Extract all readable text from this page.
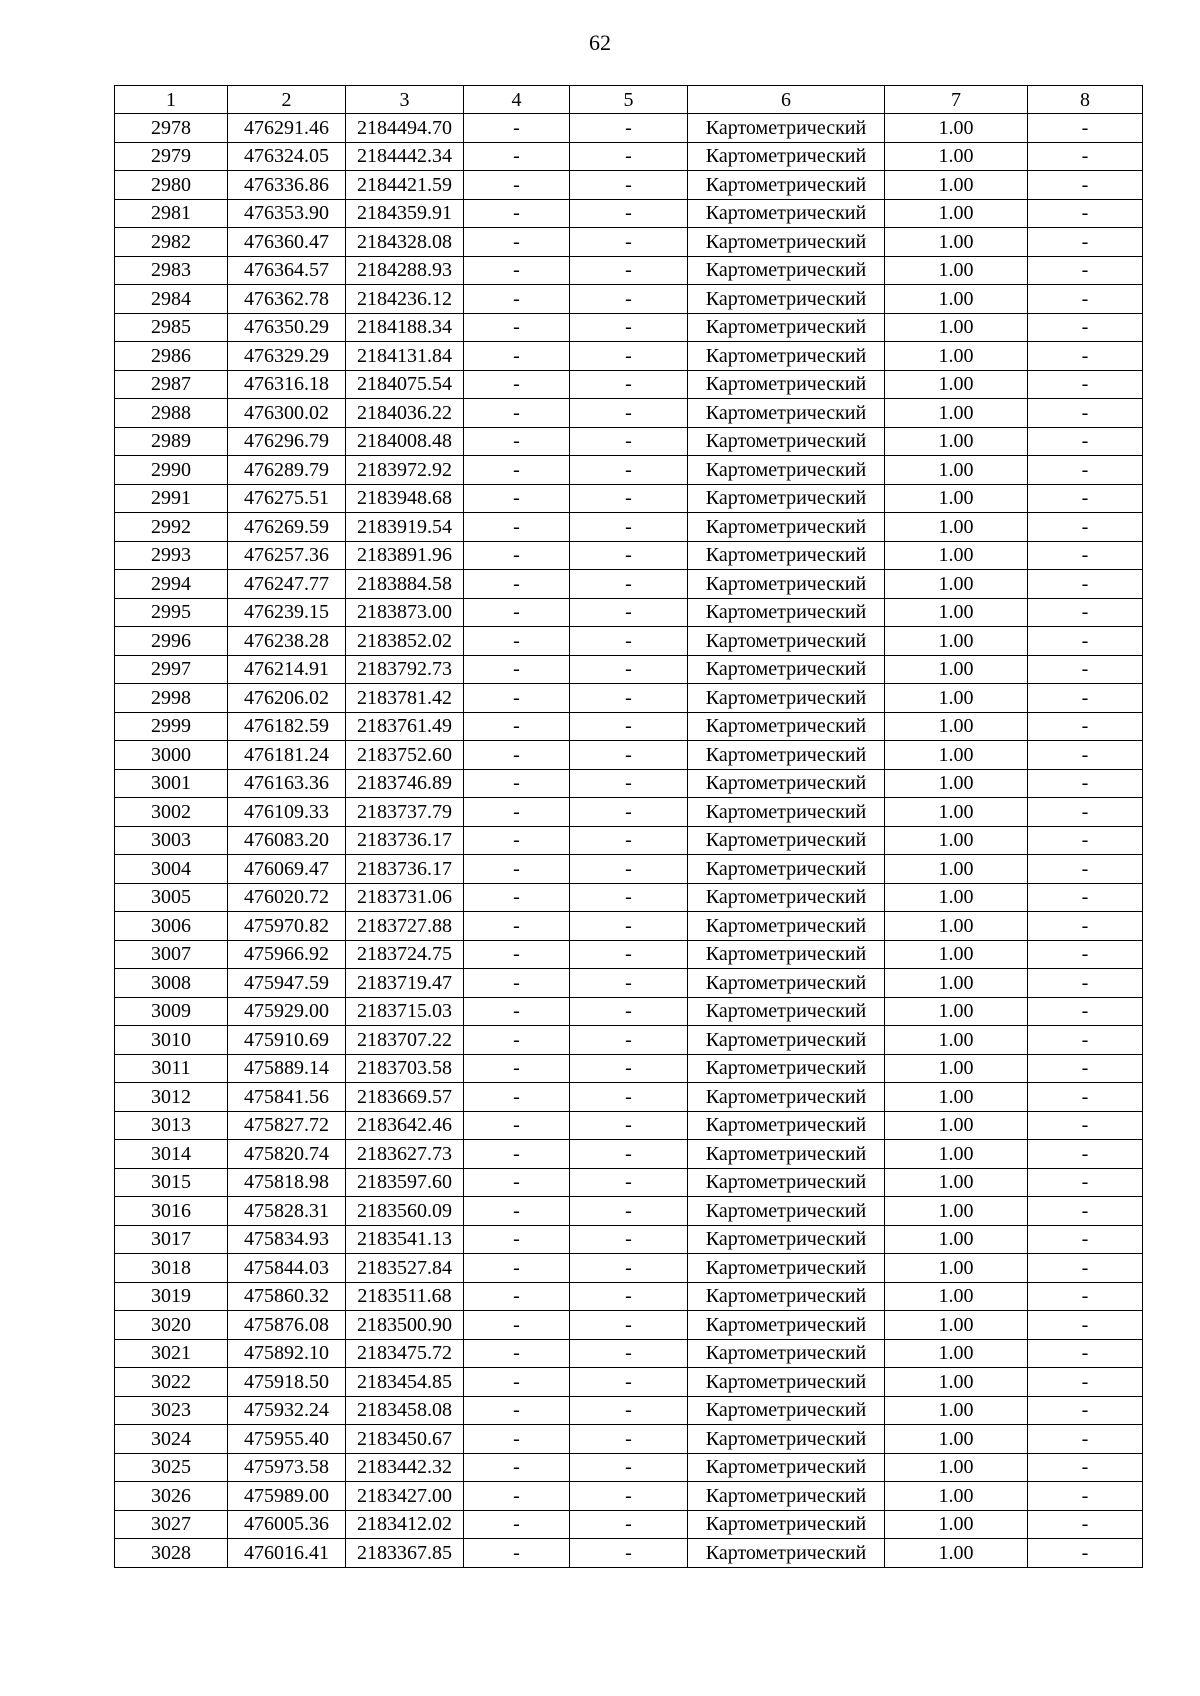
62
1	2	3	4	5	6	7	8
2978	476291.46	2184494.70	-	-	Картометрический	1.00	-
2979	476324.05	2184442.34	-	-	Картометрический	1.00	-
2980	476336.86	2184421.59	-	-	Картометрический	1.00	-
2981	476353.90	2184359.91	-	-	Картометрический	1.00	-
2982	476360.47	2184328.08	-	-	Картометрический	1.00	-
2983	476364.57	2184288.93	-	-	Картометрический	1.00	-
2984	476362.78	2184236.12	-	-	Картометрический	1.00	-
2985	476350.29	2184188.34	-	-	Картометрический	1.00	-
2986	476329.29	2184131.84	-	-	Картометрический	1.00	-
2987	476316.18	2184075.54	-	-	Картометрический	1.00	-
2988	476300.02	2184036.22	-	-	Картометрический	1.00	-
2989	476296.79	2184008.48	-	-	Картометрический	1.00	-
2990	476289.79	2183972.92	-	-	Картометрический	1.00	-
2991	476275.51	2183948.68	-	-	Картометрический	1.00	-
2992	476269.59	2183919.54	-	-	Картометрический	1.00	-
2993	476257.36	2183891.96	-	-	Картометрический	1.00	-
2994	476247.77	2183884.58	-	-	Картометрический	1.00	-
2995	476239.15	2183873.00	-	-	Картометрический	1.00	-
2996	476238.28	2183852.02	-	-	Картометрический	1.00	-
2997	476214.91	2183792.73	-	-	Картометрический	1.00	-
2998	476206.02	2183781.42	-	-	Картометрический	1.00	-
2999	476182.59	2183761.49	-	-	Картометрический	1.00	-
3000	476181.24	2183752.60	-	-	Картометрический	1.00	-
3001	476163.36	2183746.89	-	-	Картометрический	1.00	-
3002	476109.33	2183737.79	-	-	Картометрический	1.00	-
3003	476083.20	2183736.17	-	-	Картометрический	1.00	-
3004	476069.47	2183736.17	-	-	Картометрический	1.00	-
3005	476020.72	2183731.06	-	-	Картометрический	1.00	-
3006	475970.82	2183727.88	-	-	Картометрический	1.00	-
3007	475966.92	2183724.75	-	-	Картометрический	1.00	-
3008	475947.59	2183719.47	-	-	Картометрический	1.00	-
3009	475929.00	2183715.03	-	-	Картометрический	1.00	-
3010	475910.69	2183707.22	-	-	Картометрический	1.00	-
3011	475889.14	2183703.58	-	-	Картометрический	1.00	-
3012	475841.56	2183669.57	-	-	Картометрический	1.00	-
3013	475827.72	2183642.46	-	-	Картометрический	1.00	-
3014	475820.74	2183627.73	-	-	Картометрический	1.00	-
3015	475818.98	2183597.60	-	-	Картометрический	1.00	-
3016	475828.31	2183560.09	-	-	Картометрический	1.00	-
3017	475834.93	2183541.13	-	-	Картометрический	1.00	-
3018	475844.03	2183527.84	-	-	Картометрический	1.00	-
3019	475860.32	2183511.68	-	-	Картометрический	1.00	-
3020	475876.08	2183500.90	-	-	Картометрический	1.00	-
3021	475892.10	2183475.72	-	-	Картометрический	1.00	-
3022	475918.50	2183454.85	-	-	Картометрический	1.00	-
3023	475932.24	2183458.08	-	-	Картометрический	1.00	-
3024	475955.40	2183450.67	-	-	Картометрический	1.00	-
3025	475973.58	2183442.32	-	-	Картометрический	1.00	-
3026	475989.00	2183427.00	-	-	Картометрический	1.00	-
3027	476005.36	2183412.02	-	-	Картометрический	1.00	-
3028	476016.41	2183367.85	-	-	Картометрический	1.00	-
